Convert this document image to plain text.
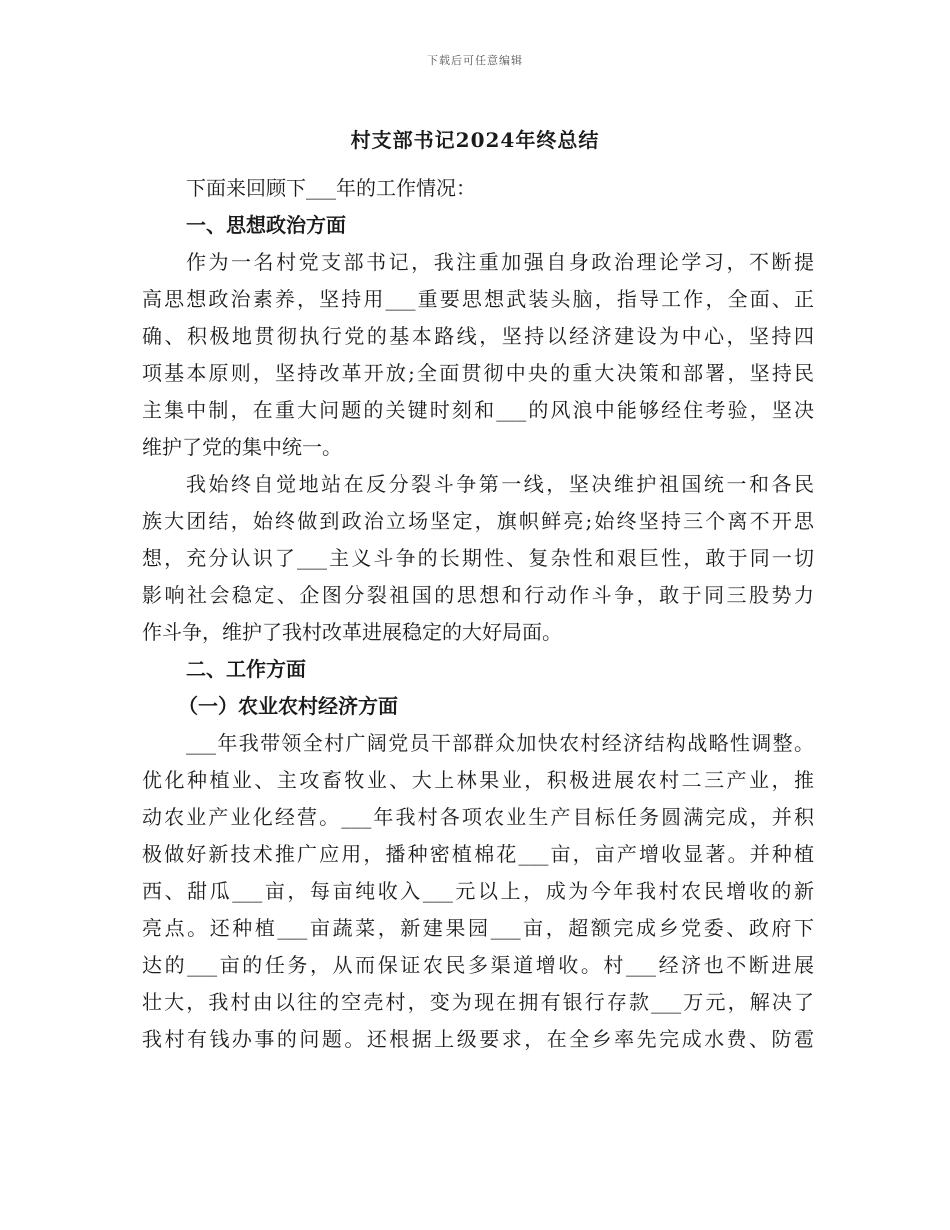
下载后可任意编辑
村支部书记2024年终总结
下面来回顾下___年的工作情况：
一、思想政治方面
作为一名村党支部书记，我注重加强自身政治理论学习，不断提
高思想政治素养，坚持用___重要思想武装头脑，指导工作，全面、正
确、积极地贯彻执行党的基本路线，坚持以经济建设为中心，坚持四
项基本原则，坚持改革开放;全面贯彻中央的重大决策和部署，坚持民
主集中制，在重大问题的关键时刻和___的风浪中能够经住考验，坚决
维护了党的集中统一。
我始终自觉地站在反分裂斗争第一线，坚决维护祖国统一和各民
族大团结，始终做到政治立场坚定，旗帜鲜亮;始终坚持三个离不开思
想，充分认识了___主义斗争的长期性、复杂性和艰巨性，敢于同一切
影响社会稳定、企图分裂祖国的思想和行动作斗争，敢于同三股势力
作斗争，维护了我村改革进展稳定的大好局面。
二、工作方面
（一）农业农村经济方面
___年我带领全村广阔党员干部群众加快农村经济结构战略性调整。
优化种植业、主攻畜牧业、大上林果业，积极进展农村二三产业，推
动农业产业化经营。___年我村各项农业生产目标任务圆满完成，并积
极做好新技术推广应用，播种密植棉花___亩，亩产增收显著。并种植
西、甜瓜___亩，每亩纯收入___元以上，成为今年我村农民增收的新
亮点。还种植___亩蔬菜，新建果园___亩，超额完成乡党委、政府下
达的___亩的任务，从而保证农民多渠道增收。村___经济也不断进展
壮大，我村由以往的空壳村，变为现在拥有银行存款___万元，解决了
我村有钱办事的问题。还根据上级要求，在全乡率先完成水费、防雹
